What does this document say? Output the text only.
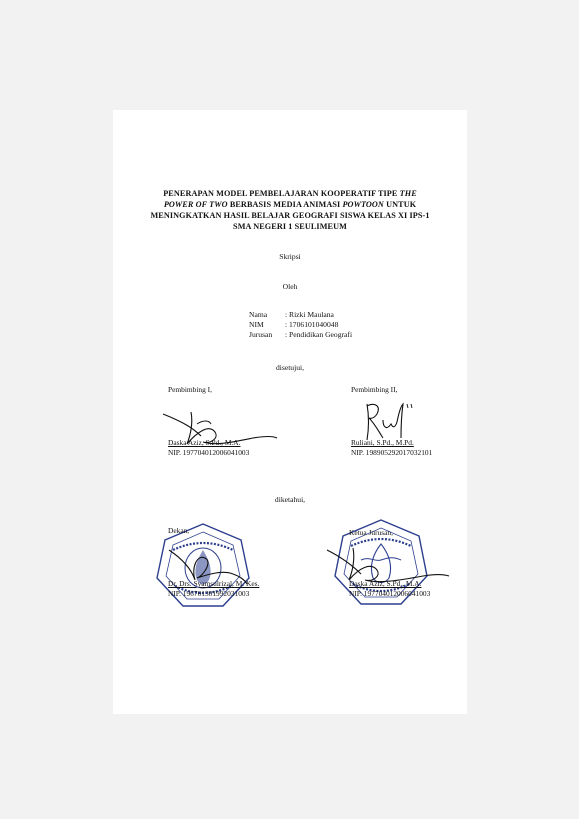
PENERAPAN MODEL PEMBELAJARAN KOOPERATIF TIPE THE
POWER OF TWO BERBASIS MEDIA ANIMASI POWTOON UNTUK
MENINGKATKAN HASIL BELAJAR GEOGRAFI SISWA KELAS XI IPS-1
SMA NEGERI 1 SEULIMEUM
Skripsi
Oleh
Nama	: Rizki Maulana
NIM	: 1706101040048
Jurusan	: Pendidikan Geografi
disetujui,
Pembimbing I,
Daska Aziz, S.Pd., M.A.
NIP. 197704012006041003
Pembimbing II,
Ruliani, S.Pd., M.Pd.
NIP. 198905292017032101
diketahui,
Dekan,
Dr. Drs. Syamsulrizal, M. Kes.
NIP. 196701301992031003
Ketua Jurusan,
Daska Aziz, S.Pd., M.A.
NIP. 197704012006041003
